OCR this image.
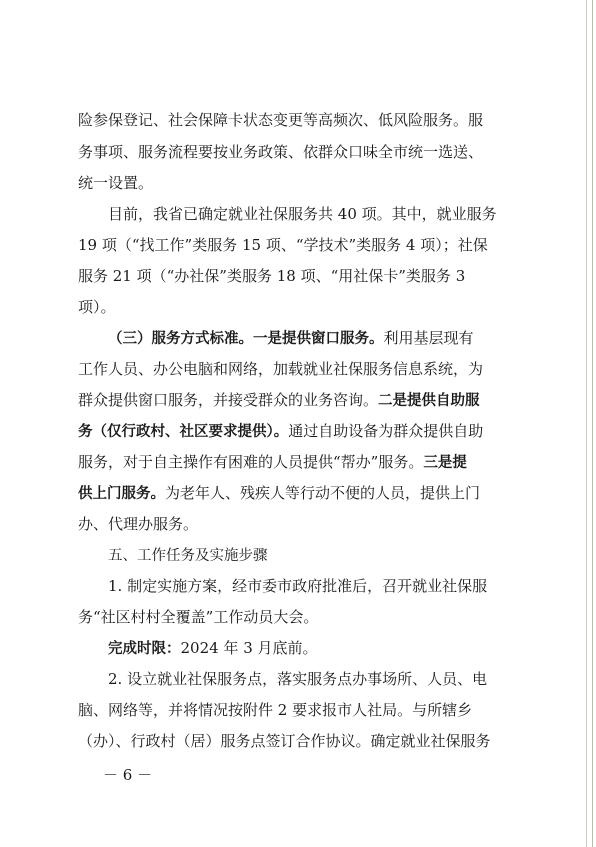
险参保登记、社会保障卡状态变更等高频次、低风险服务。服
务事项、服务流程要按业务政策、依群众口味全市统一选送、
统一设置。
目前，我省已确定就业社保服务共 40 项。其中，就业服务
19 项（“找工作”类服务 15 项、“学技术”类服务 4 项）；社保
服务 21 项（“办社保”类服务 18 项、“用社保卡”类服务 3
项）。
（三）服务方式标准。一是提供窗口服务。利用基层现有
工作人员、办公电脑和网络，加载就业社保服务信息系统，为
群众提供窗口服务，并接受群众的业务咨询。二是提供自助服
务（仅行政村、社区要求提供）。通过自助设备为群众提供自助
服务，对于自主操作有困难的人员提供“帮办”服务。三是提
供上门服务。为老年人、残疾人等行动不便的人员，提供上门
办、代理办服务。
五、工作任务及实施步骤
1. 制定实施方案，经市委市政府批准后，召开就业社保服
务“社区村村全覆盖”工作动员大会。
完成时限：2024 年 3 月底前。
2. 设立就业社保服务点，落实服务点办事场所、人员、电
脑、网络等，并将情况按附件 2 要求报市人社局。与所辖乡
（办）、行政村（居）服务点签订合作协议。确定就业社保服务
－ 6 －
